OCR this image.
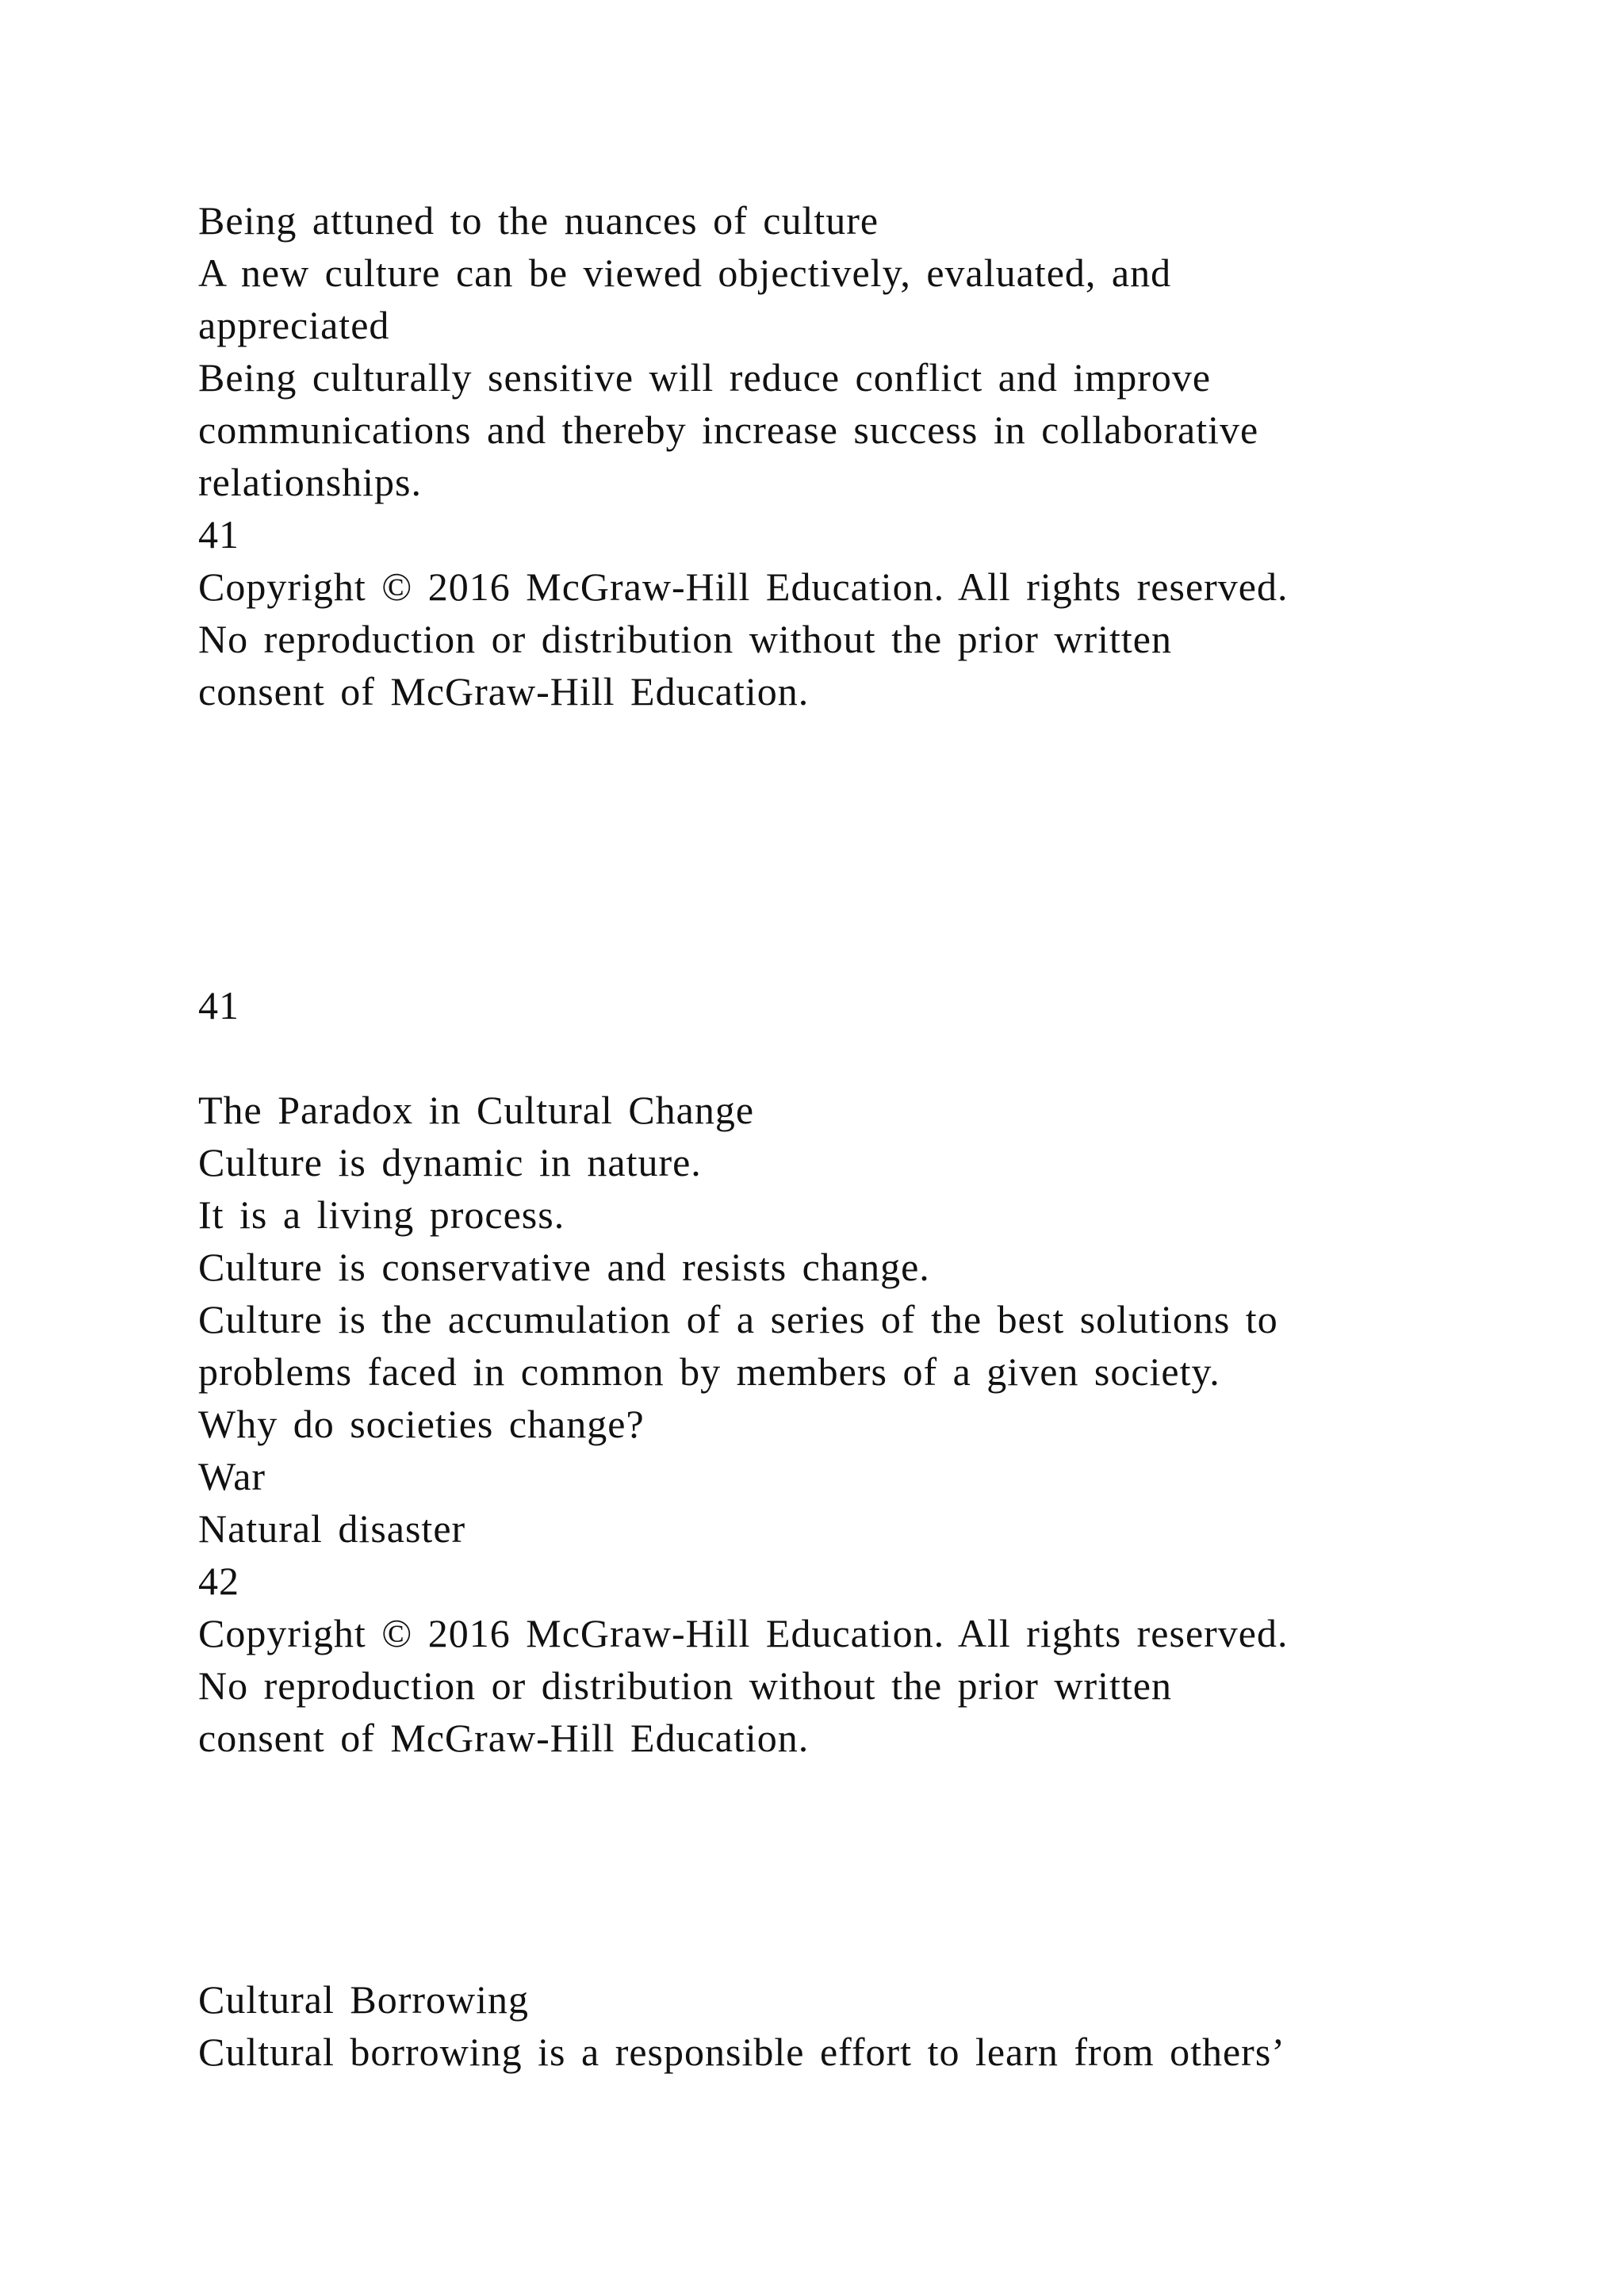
Being attuned to the nuances of culture

A new culture can be viewed objectively, evaluated, and

appreciated

Being culturally sensitive will reduce conflict and improve

communications and thereby increase success in collaborative

relationships.

41

Copyright © 2016 McGraw-Hill Education. All rights reserved.

No reproduction or distribution without the prior written

consent of McGraw-Hill Education.

41

The Paradox in Cultural Change

Culture is dynamic in nature.

It is a living process.

Culture is conservative and resists change.

Culture is the accumulation of a series of the best solutions to

problems faced in common by members of a given society.

Why do societies change?

War

Natural disaster

42

Copyright © 2016 McGraw-Hill Education. All rights reserved.

No reproduction or distribution without the prior written

consent of McGraw-Hill Education.

Cultural Borrowing

Cultural borrowing is a responsible effort to learn from others’
